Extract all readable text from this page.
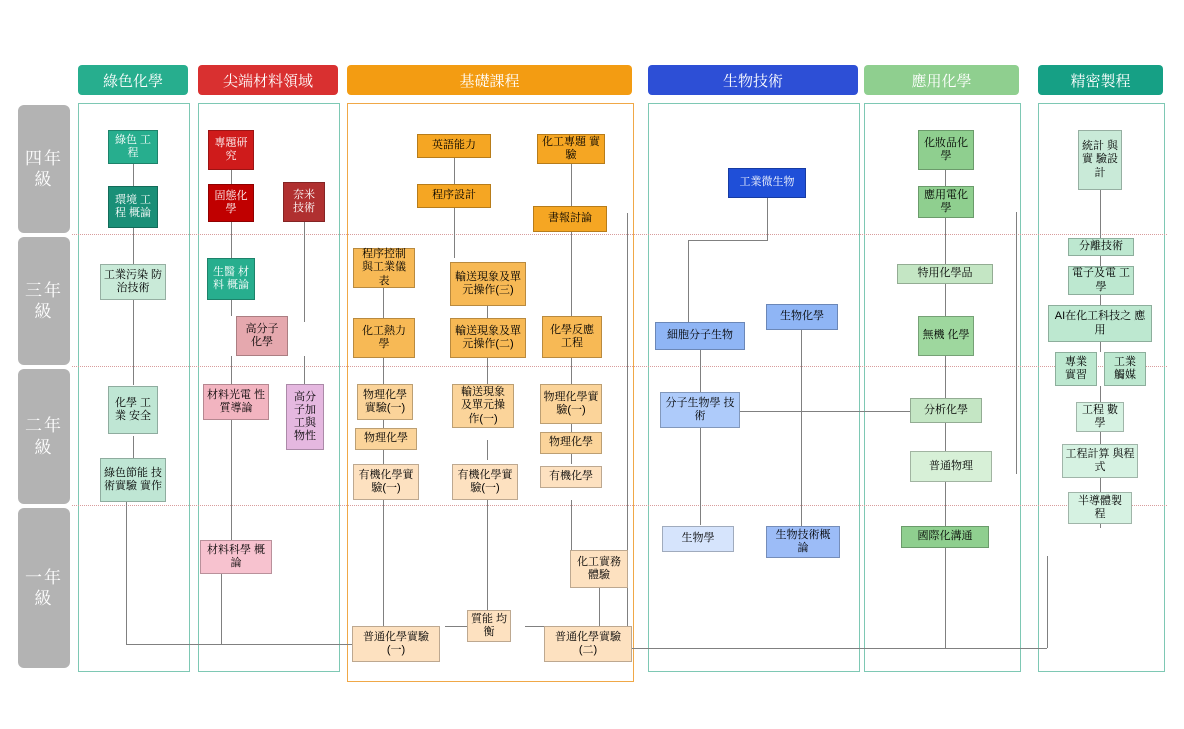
四年級
三年級
二年級
一年級
綠色化學	尖端材料領域	基礎課程	生物技術	應用化學	精密製程
綠色 工程
環境 工程 概論
工業污染 防治技術
化學 工業 安全
綠色節能 技術實驗 實作
專題研 究
固態化 學
奈米 技術
生醫 材料 概論
高分子 化學
材料光電 性質導論
高分 子加 工與 物性
材料科學 概論
英語能力
程序設計
化工專題 實驗
書報討論
程序控制 與工業儀 表	輸送現象及單 元操作(三)
化工熱力 學
輸送現象及單 元操作(二)
化學反應 工程
物理化學 實驗(一)
輸送現象 及單元操 作(一)
物理化學實 驗(一)
物理化學	物理化學
有機化學實 驗(一)
有機化學實 驗(一)
有機化學
化工實務 體驗
普通化學實驗 (一)
質能 均衡	普通化學實驗 (二)
工業微生物
細胞分子生物
生物化學
分子生物學 技術
生物學	生物技術概 論
化妝品化 學
應用電化 學
特用化學品
無機 化學
分析化學
普通物理
國際化溝通
統計 與實 驗設 計
分離技術
電子及電 工學
AI在化工科技之 應用
專業 實習
工業 觸媒
工程 數學
工程計算 與程式
半導體製 程
